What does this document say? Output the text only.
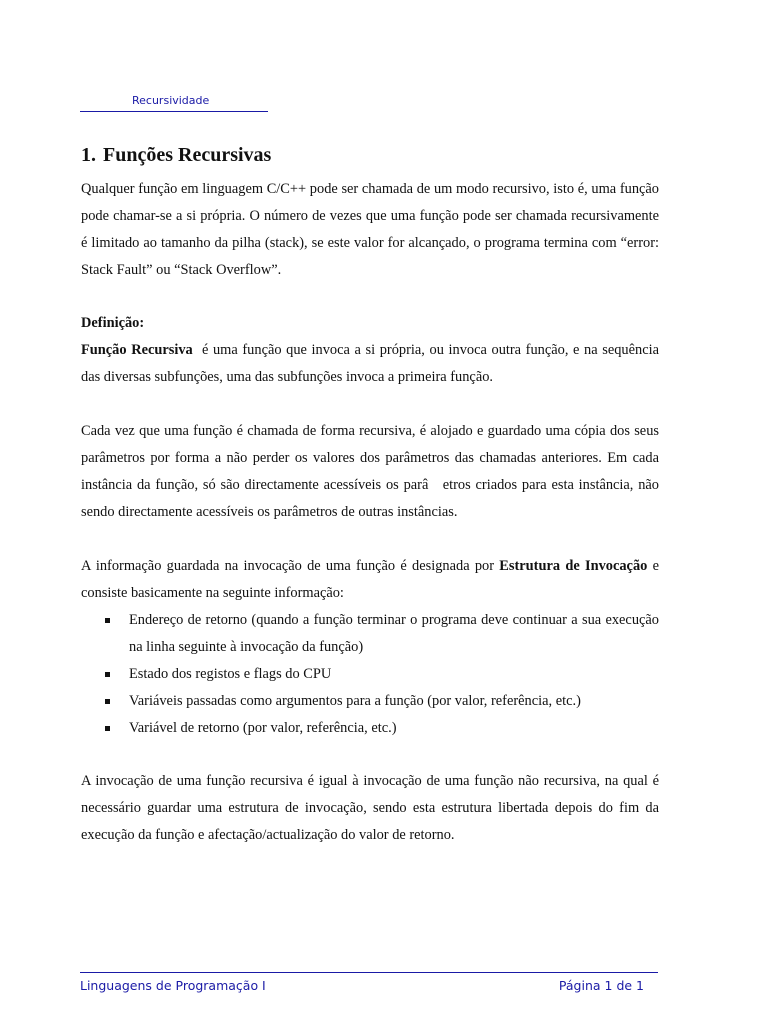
Recursividade
1. Funções Recursivas

Qualquer função em linguagem C/C++ pode ser chamada de um modo recursivo, isto é, uma função pode chamar-se a si própria. O número de vezes que uma função pode ser chamada recursivamente é limitado ao tamanho da pilha (stack), se este valor for alcançado, o programa termina com “error: Stack Fault” ou “Stack Overflow”.

Definição:

Função Recursiva  é uma função que invoca a si própria, ou invoca outra função, e na sequência das diversas subfunções, uma das subfunções invoca a primeira função.

Cada vez que uma função é chamada de forma recursiva, é alojado e guardado uma cópia dos seus parâmetros por forma a não perder os valores dos parâmetros das chamadas anteriores. Em cada instância da função, só são directamente acessíveis os parâ   etros criados para esta instância, não sendo directamente acessíveis os parâmetros de outras instâncias.

A informação guardada na invocação de uma função é designada por Estrutura de Invocação e consiste basicamente na seguinte informação:

Endereço de retorno (quando a função terminar o programa deve continuar a sua execução na linha seguinte à invocação da função)
Estado dos registos e flags do CPU
Variáveis passadas como argumentos para a função (por valor, referência, etc.)
Variável de retorno (por valor, referência, etc.)

A invocação de uma função recursiva é igual à invocação de uma função não recursiva, na qual é necessário guardar uma estrutura de invocação, sendo esta estrutura libertada depois do fim da execução da função e afectação/actualização do valor de retorno.

Linguagens de Programação I	Página 1 de 1
